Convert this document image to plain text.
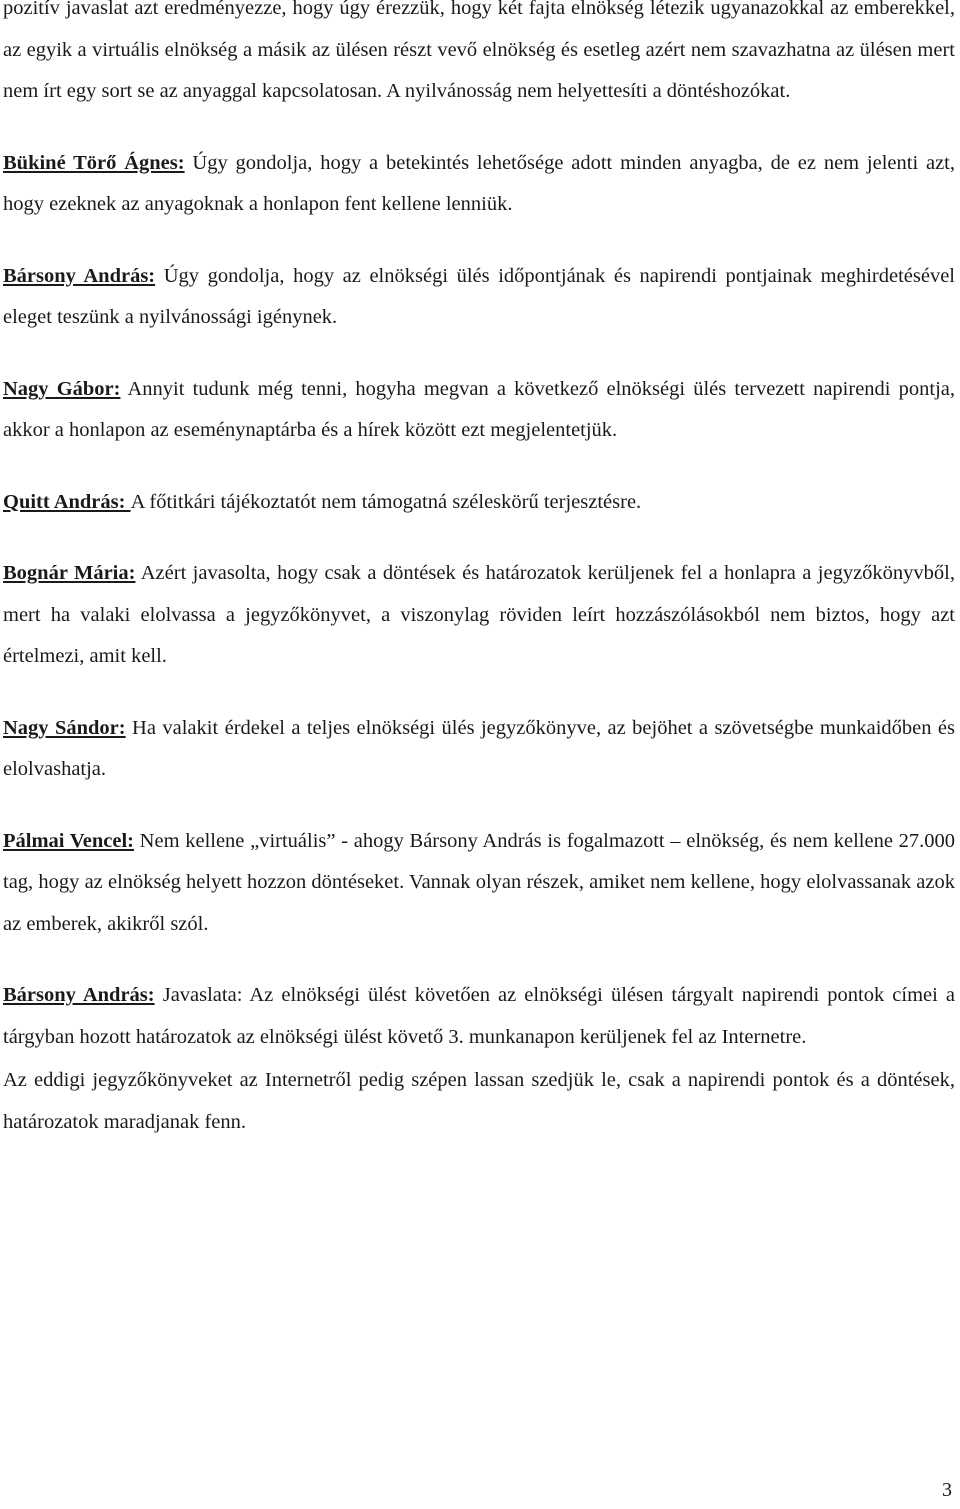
pozitív javaslat azt eredményezze, hogy úgy érezzük, hogy két fajta elnökség létezik ugyanazokkal az emberekkel, az egyik a virtuális elnökség a másik az ülésen részt vevő elnökség és esetleg azért nem szavazhatna az ülésen mert nem írt egy sort se az anyaggal kapcsolatosan. A nyilvánosság nem helyettesíti a döntéshozókat.

Bükiné Törő Ágnes: Úgy gondolja, hogy a betekintés lehetősége adott minden anyagba, de ez nem jelenti azt, hogy ezeknek az anyagoknak a honlapon fent kellene lenniük.

Bársony András: Úgy gondolja, hogy az elnökségi ülés időpontjának és napirendi pontjainak meghirdetésével eleget teszünk a nyilvánossági igénynek.

Nagy Gábor: Annyit tudunk még tenni, hogyha megvan a következő elnökségi ülés tervezett napirendi pontja, akkor a honlapon az eseménynaptárba és a hírek között ezt megjelentetjük.

Quitt András: A főtitkári tájékoztatót nem támogatná széleskörű terjesztésre.

Bognár Mária: Azért javasolta, hogy csak a döntések és határozatok kerüljenek fel a honlapra a jegyzőkönyvből, mert ha valaki elolvassa a jegyzőkönyvet, a viszonylag röviden leírt hozzászólásokból nem biztos, hogy azt értelmezi, amit kell.

Nagy Sándor: Ha valakit érdekel a teljes elnökségi ülés jegyzőkönyve, az bejöhet a szövetségbe munkaidőben és elolvashatja.

Pálmai Vencel: Nem kellene „virtuális” - ahogy Bársony András is fogalmazott – elnökség, és nem kellene 27.000 tag, hogy az elnökség helyett hozzon döntéseket. Vannak olyan részek, amiket nem kellene, hogy elolvassanak azok az emberek, akikről szól.

Bársony András: Javaslata: Az elnökségi ülést követően az elnökségi ülésen tárgyalt napirendi pontok címei a tárgyban hozott határozatok az elnökségi ülést követő 3. munkanapon kerüljenek fel az Internetre.

Az eddigi jegyzőkönyveket az Internetről pedig szépen lassan szedjük le, csak a napirendi pontok és a döntések, határozatok maradjanak fenn.

3
